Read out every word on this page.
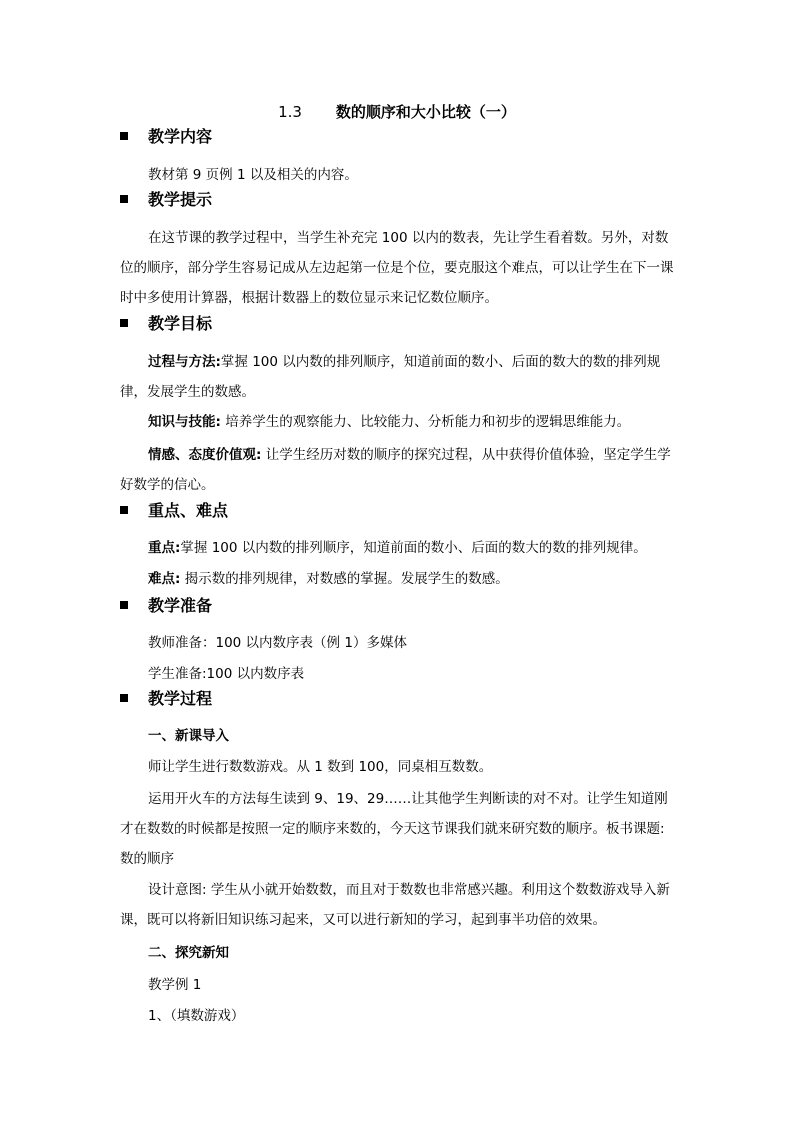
1.3 数的顺序和大小比较（一）
教学内容
教材第 9 页例 1 以及相关的内容。
教学提示
在这节课的教学过程中，当学生补充完 100 以内的数表，先让学生看着数。另外，对数位的顺序，部分学生容易记成从左边起第一位是个位，要克服这个难点，可以让学生在下一课时中多使用计算器，根据计数器上的数位显示来记忆数位顺序。
教学目标
过程与方法:掌握 100 以内数的排列顺序，知道前面的数小、后面的数大的数的排列规律，发展学生的数感。
知识与技能: 培养学生的观察能力、比较能力、分析能力和初步的逻辑思维能力。
情感、态度价值观: 让学生经历对数的顺序的探究过程，从中获得价值体验，坚定学生学好数学的信心。
重点、难点
重点:掌握 100 以内数的排列顺序，知道前面的数小、后面的数大的数的排列规律。
难点: 揭示数的排列规律，对数感的掌握。发展学生的数感。
教学准备
教师准备：100 以内数序表（例 1）多媒体
学生准备:100 以内数序表
教学过程
一、新课导入
师让学生进行数数游戏。从 1 数到 100，同桌相互数数。
运用开火车的方法每生读到 9、19、29……让其他学生判断读的对不对。让学生知道刚才在数数的时候都是按照一定的顺序来数的，今天这节课我们就来研究数的顺序。板书课题:数的顺序
设计意图: 学生从小就开始数数，而且对于数数也非常感兴趣。利用这个数数游戏导入新课，既可以将新旧知识练习起来，又可以进行新知的学习，起到事半功倍的效果。
二、探究新知
教学例 1
1、（填数游戏）
